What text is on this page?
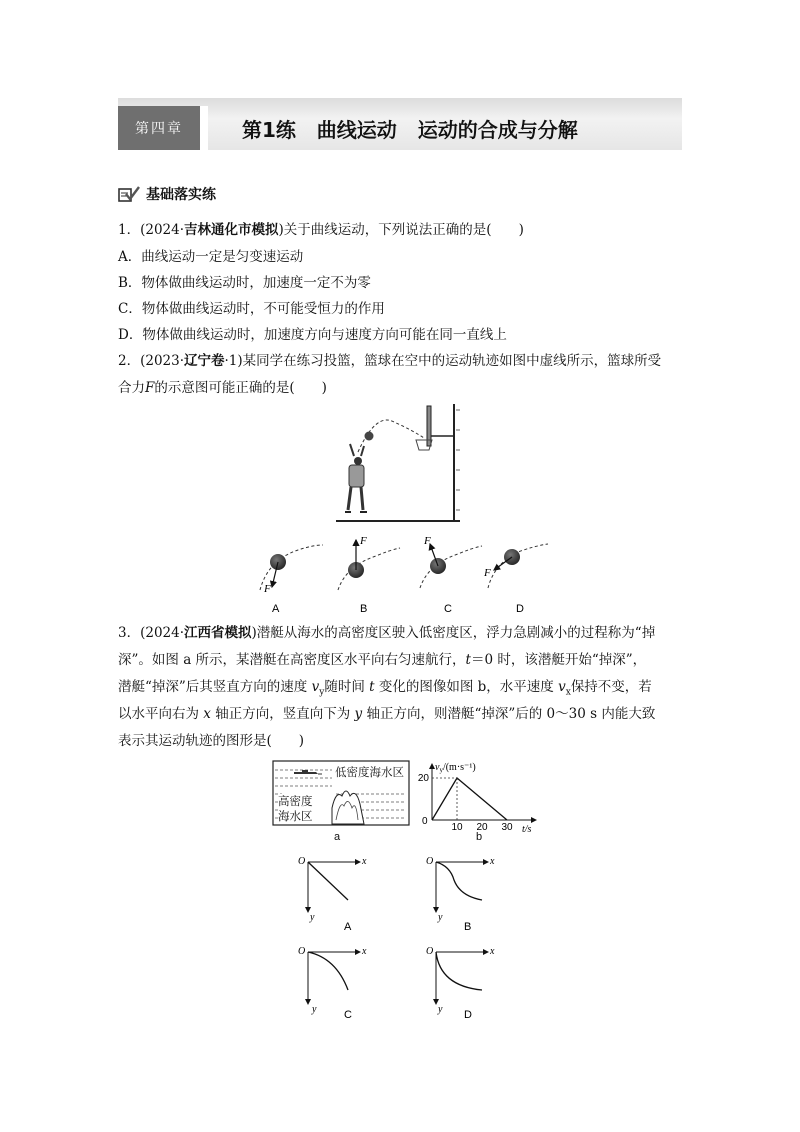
第四章	第1练   曲线运动   运动的合成与分解
基础落实练
1．(2024·吉林通化市模拟)关于曲线运动，下列说法正确的是(　　)
A．曲线运动一定是匀变速运动
B．物体做曲线运动时，加速度一定不为零
C．物体做曲线运动时，不可能受恒力的作用
D．物体做曲线运动时，加速度方向与速度方向可能在同一直线上
2．(2023·辽宁卷·1)某同学在练习投篮，篮球在空中的运动轨迹如图中虚线所示，篮球所受
合力F的示意图可能正确的是(　　)
F
A
F
B
F
C
F
D
3．(2024·江西省模拟)潜艇从海水的高密度区驶入低密度区，浮力急剧减小的过程称为“掉
深”。如图 a 所示，某潜艇在高密度区水平向右匀速航行，t＝0 时，该潜艇开始“掉深”，
潜艇“掉深”后其竖直方向的速度 $v_y$随时间 t 变化的图像如图 b，水平速度 $v_x$保持不变，若
以水平向右为 x 轴正方向，竖直向下为 y 轴正方向，则潜艇“掉深”后的 0～30 s 内能大致
表示其运动轨迹的图形是(　　)
低密度海水区
高密度
海水区
a
10 20 30
20
0
t/s
$v_y/(m\cdot s^{-1})$
b
O	x
y
A
O	x
y
B
O	x
y	C
O	x
y D
